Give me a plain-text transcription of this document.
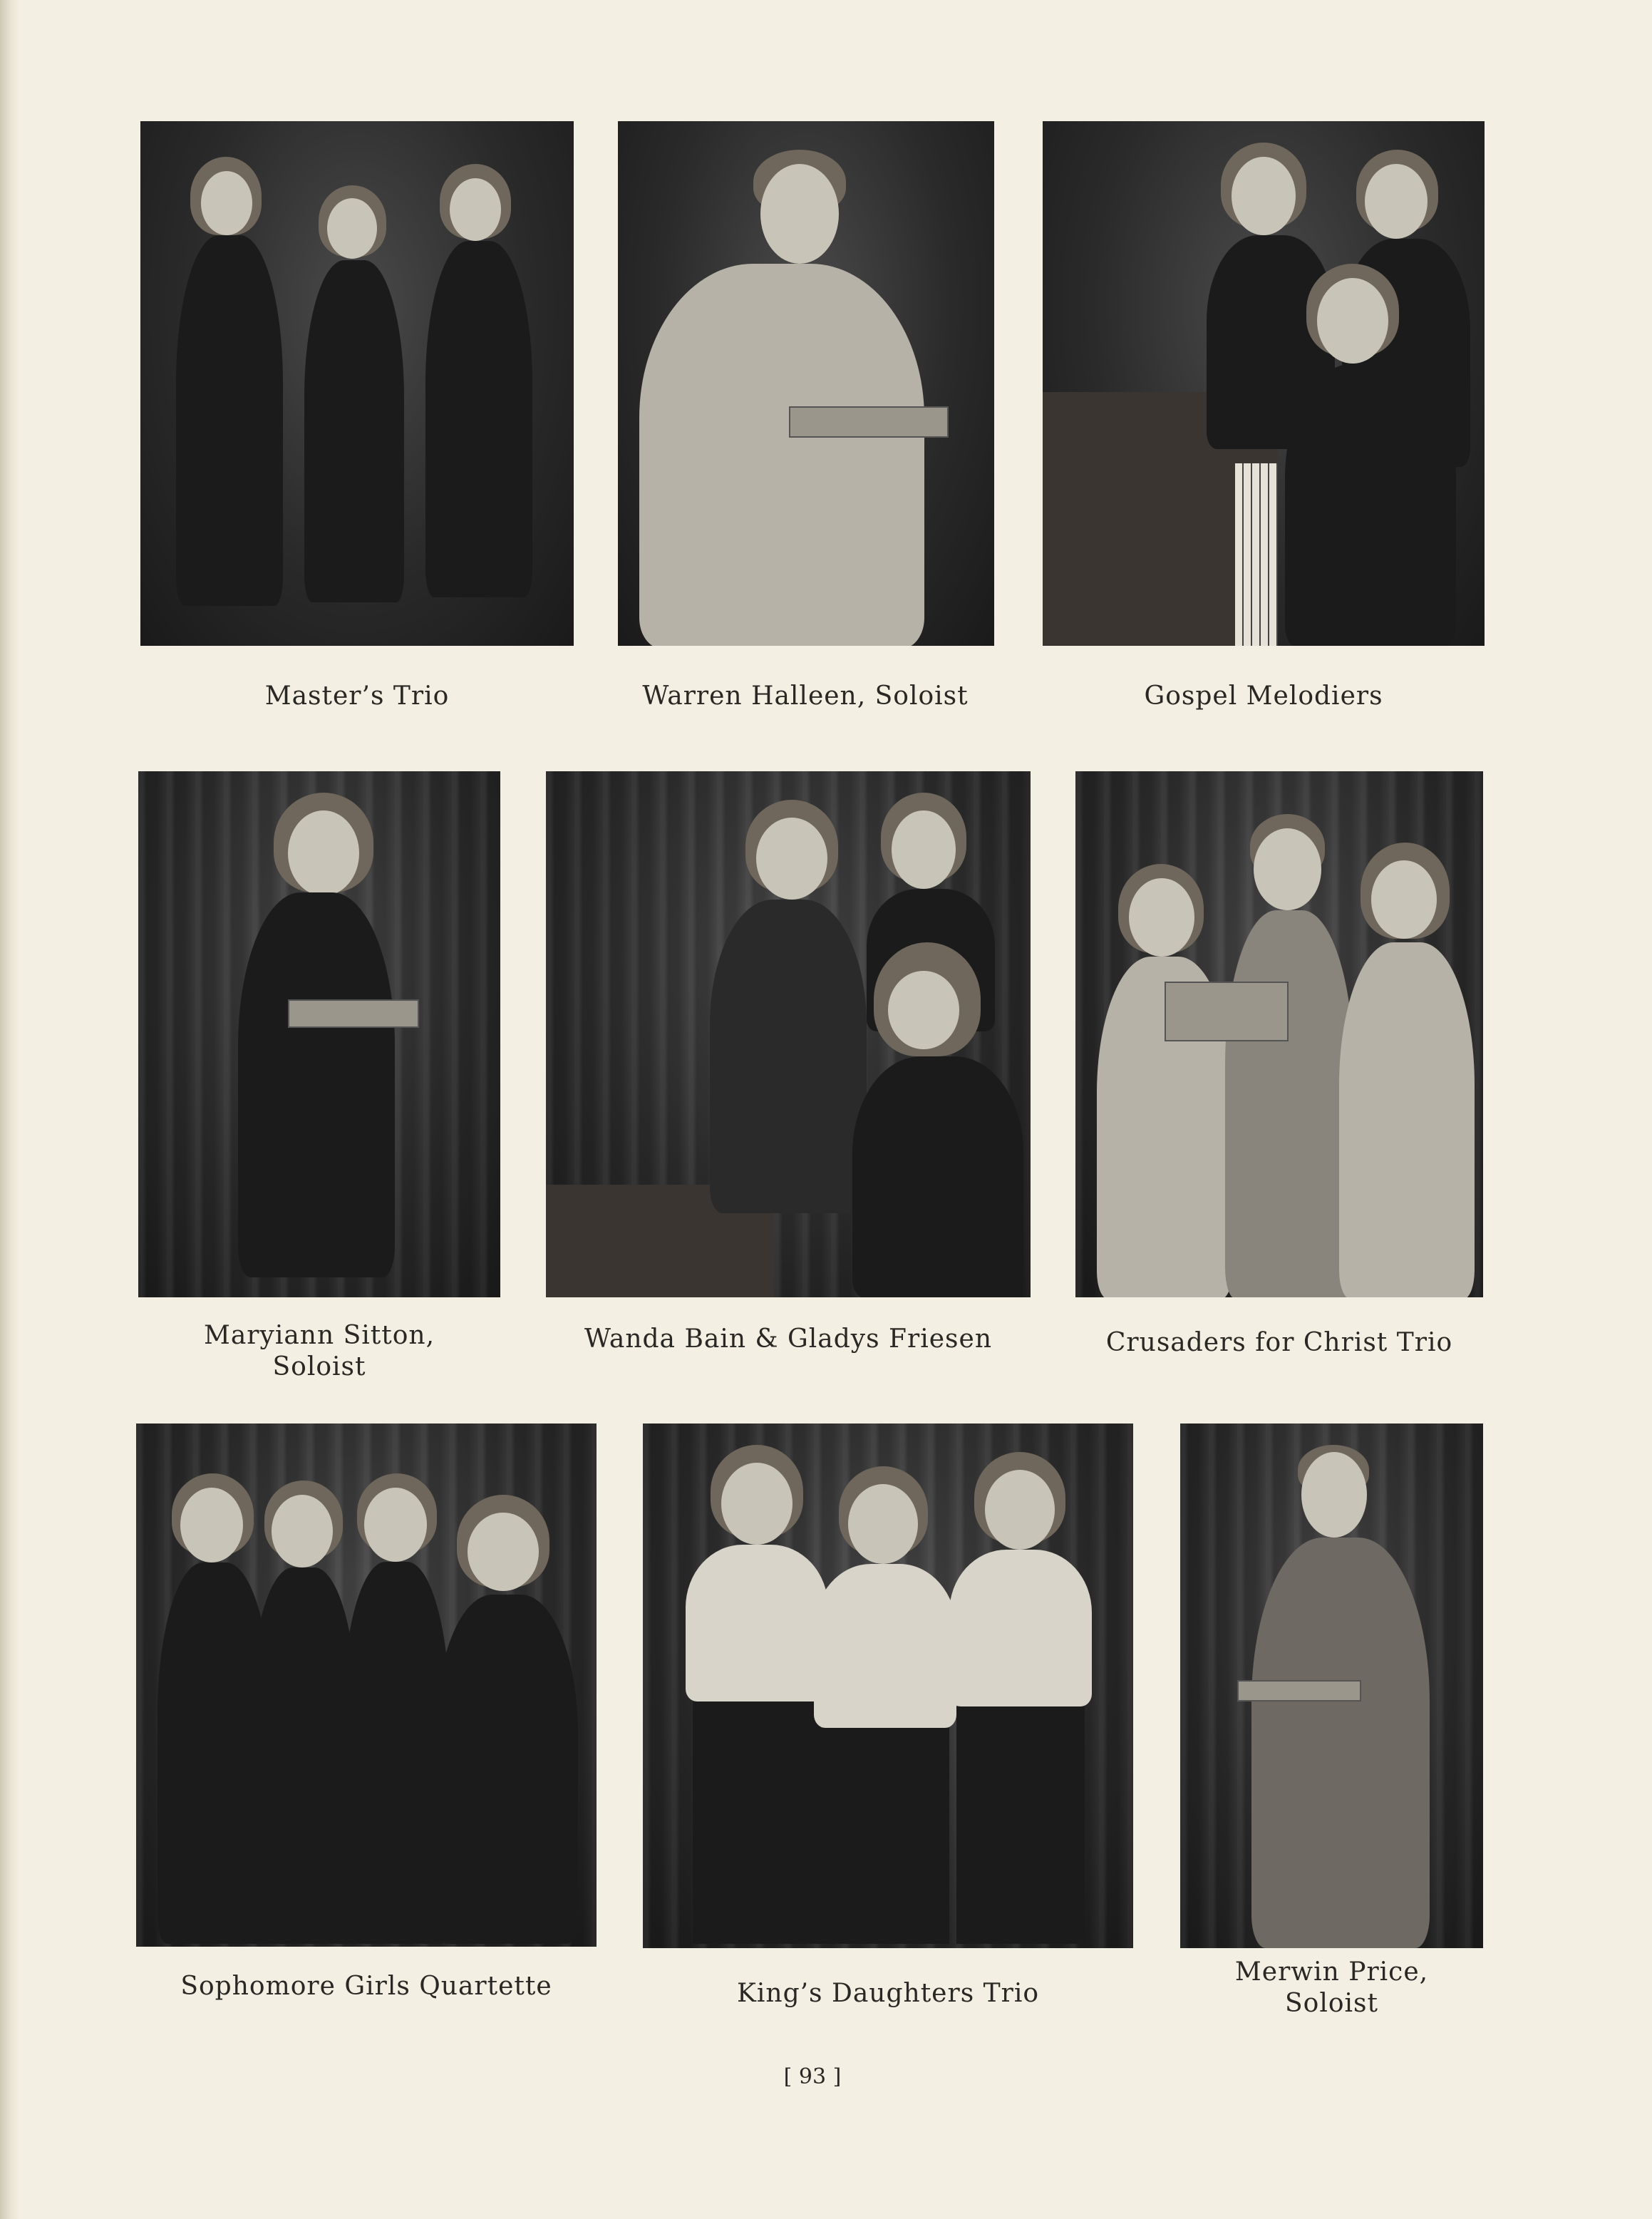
Master’s Trio	Warren Halleen, Soloist	Gospel Melodiers
Maryiann Sitton,
Soloist
Wanda Bain & Gladys Friesen	Crusaders for Christ Trio
Sophomore Girls Quartette	King’s Daughters Trio
Merwin Price,
Soloist
[ 93 ]
